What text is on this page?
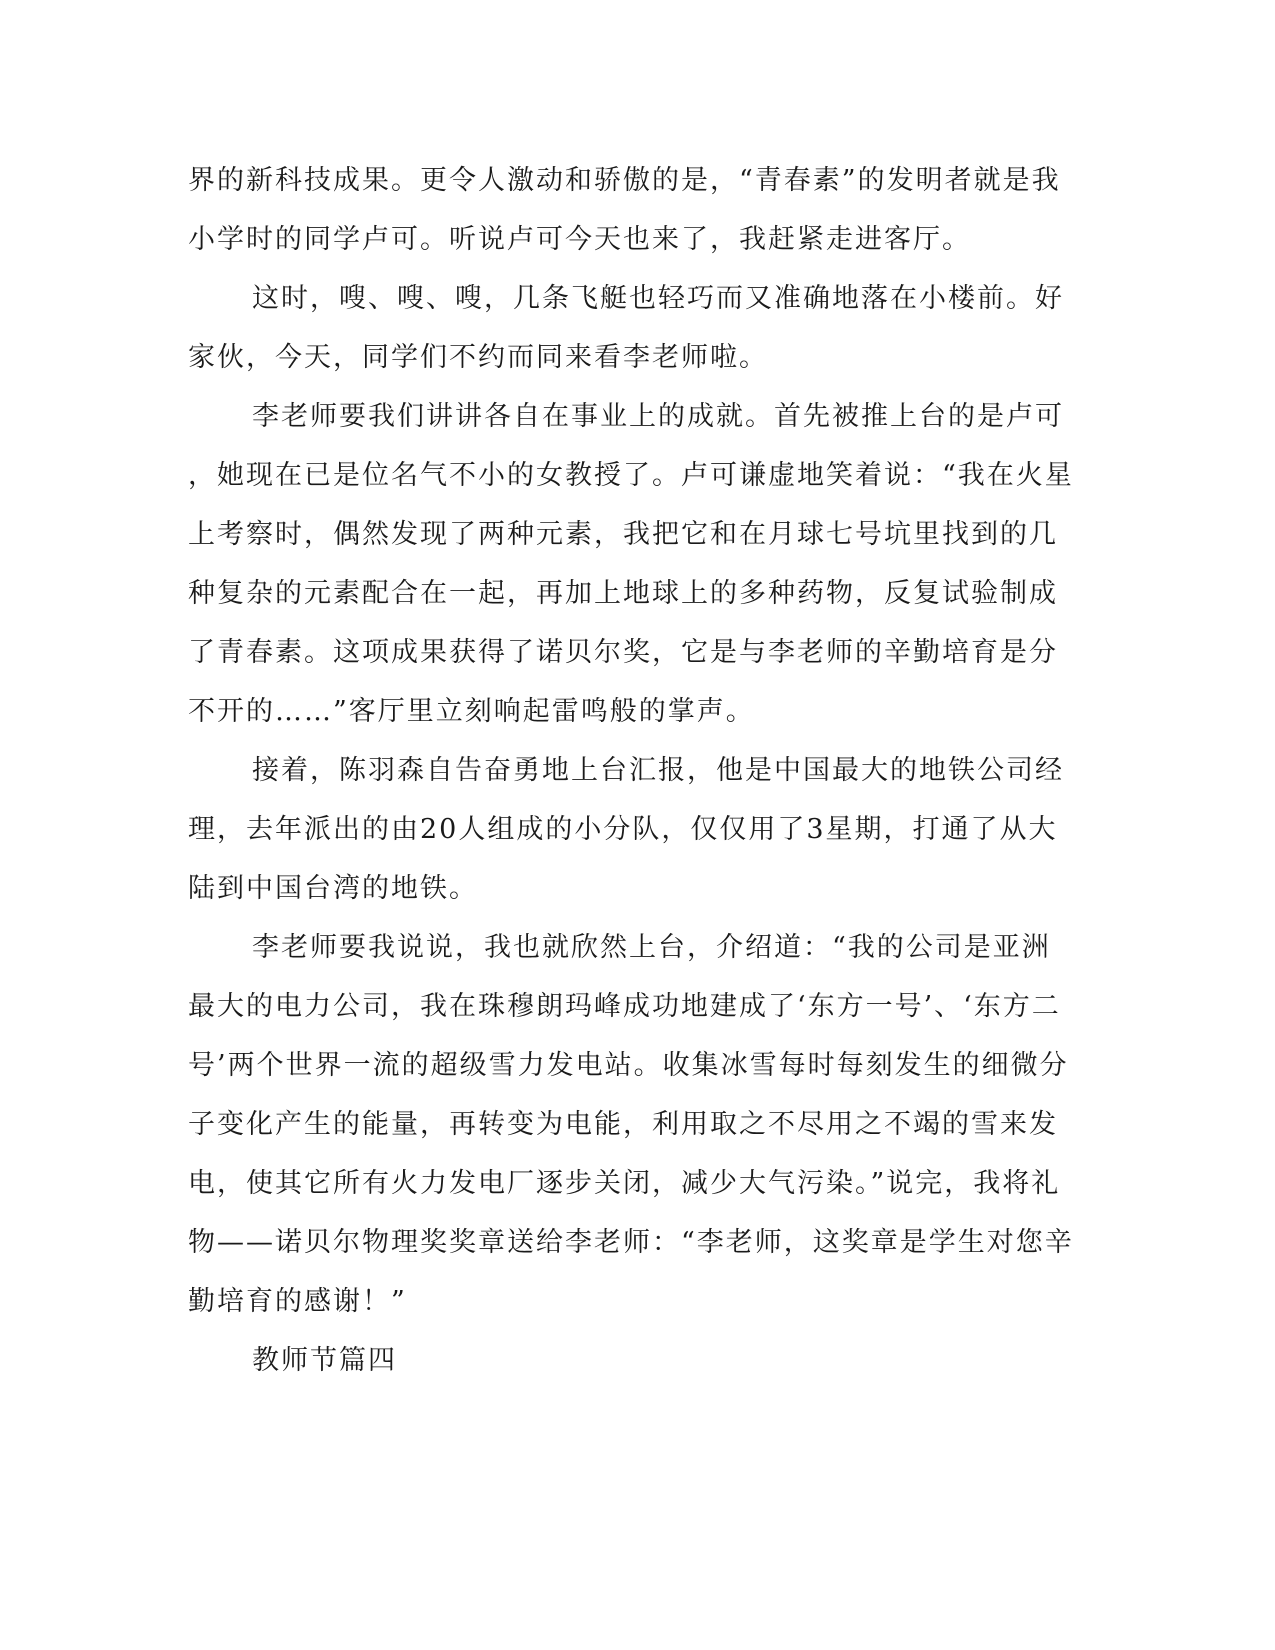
界的新科技成果。更令人激动和骄傲的是，“青春素”的发明者就是我
小学时的同学卢可。听说卢可今天也来了，我赶紧走进客厅。
这时，嗖、嗖、嗖，几条飞艇也轻巧而又准确地落在小楼前。好
家伙，今天，同学们不约而同来看李老师啦。
李老师要我们讲讲各自在事业上的成就。首先被推上台的是卢可
，她现在已是位名气不小的女教授了。卢可谦虚地笑着说：“我在火星
上考察时，偶然发现了两种元素，我把它和在月球七号坑里找到的几
种复杂的元素配合在一起，再加上地球上的多种药物，反复试验制成
了青春素。这项成果获得了诺贝尔奖，它是与李老师的辛勤培育是分
不开的……”客厅里立刻响起雷鸣般的掌声。
接着，陈羽森自告奋勇地上台汇报，他是中国最大的地铁公司经
理，去年派出的由20人组成的小分队，仅仅用了3星期，打通了从大
陆到中国台湾的地铁。
李老师要我说说，我也就欣然上台，介绍道：“我的公司是亚洲
最大的电力公司，我在珠穆朗玛峰成功地建成了‘东方一号’、‘东方二
号’两个世界一流的超级雪力发电站。收集冰雪每时每刻发生的细微分
子变化产生的能量，再转变为电能，利用取之不尽用之不竭的雪来发
电，使其它所有火力发电厂逐步关闭，减少大气污染。”说完，我将礼
物——诺贝尔物理奖奖章送给李老师：“李老师，这奖章是学生对您辛
勤培育的感谢！”
教师节篇四
